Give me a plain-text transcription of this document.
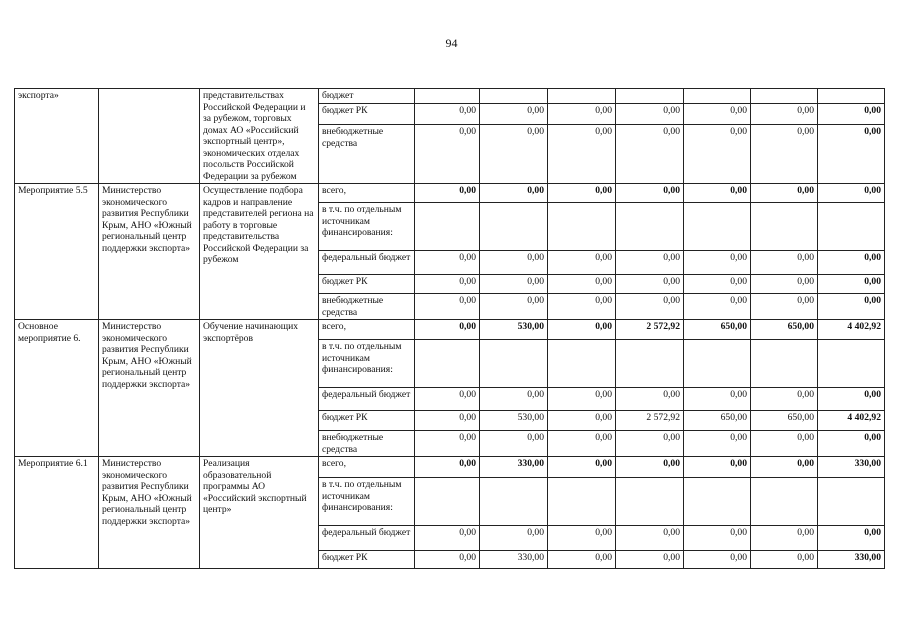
94
экспорта»		представительствах Российской Федерации и за рубежом, торговых домах АО «Российский экспортный центр», экономических отделах посольств Российской Федерации за рубежом	бюджет							
			бюджет РК	0,00	0,00	0,00	0,00	0,00	0,00	0,00
			внебюджетные средства	0,00	0,00	0,00	0,00	0,00	0,00	0,00
Мероприятие 5.5	Министерство экономического развития Республики Крым, АНО «Южный региональный центр поддержки экспорта»	Осуществление подбора кадров и направление представителей региона на работу в торговые представительства Российской Федерации за рубежом	всего,	0,00	0,00	0,00	0,00	0,00	0,00	0,00
			в т.ч. по отдельным источникам финансирования:							
			федеральный бюджет	0,00	0,00	0,00	0,00	0,00	0,00	0,00
			бюджет РК	0,00	0,00	0,00	0,00	0,00	0,00	0,00
			внебюджетные средства	0,00	0,00	0,00	0,00	0,00	0,00	0,00
Основное мероприятие 6.	Министерство экономического развития Республики Крым, АНО «Южный региональный центр поддержки экспорта»	Обучение начинающих экспортёров	всего,	0,00	530,00	0,00	2 572,92	650,00	650,00	4 402,92
			в т.ч. по отдельным источникам финансирования:							
			федеральный бюджет	0,00	0,00	0,00	0,00	0,00	0,00	0,00
			бюджет РК	0,00	530,00	0,00	2 572,92	650,00	650,00	4 402,92
			внебюджетные средства	0,00	0,00	0,00	0,00	0,00	0,00	0,00
Мероприятие 6.1	Министерство экономического развития Республики Крым, АНО «Южный региональный центр поддержки экспорта»	Реализация образовательной программы АО «Российский экспортный центр»	всего,	0,00	330,00	0,00	0,00	0,00	0,00	330,00
			в т.ч. по отдельным источникам финансирования:							
			федеральный бюджет	0,00	0,00	0,00	0,00	0,00	0,00	0,00
			бюджет РК	0,00	330,00	0,00	0,00	0,00	0,00	330,00
